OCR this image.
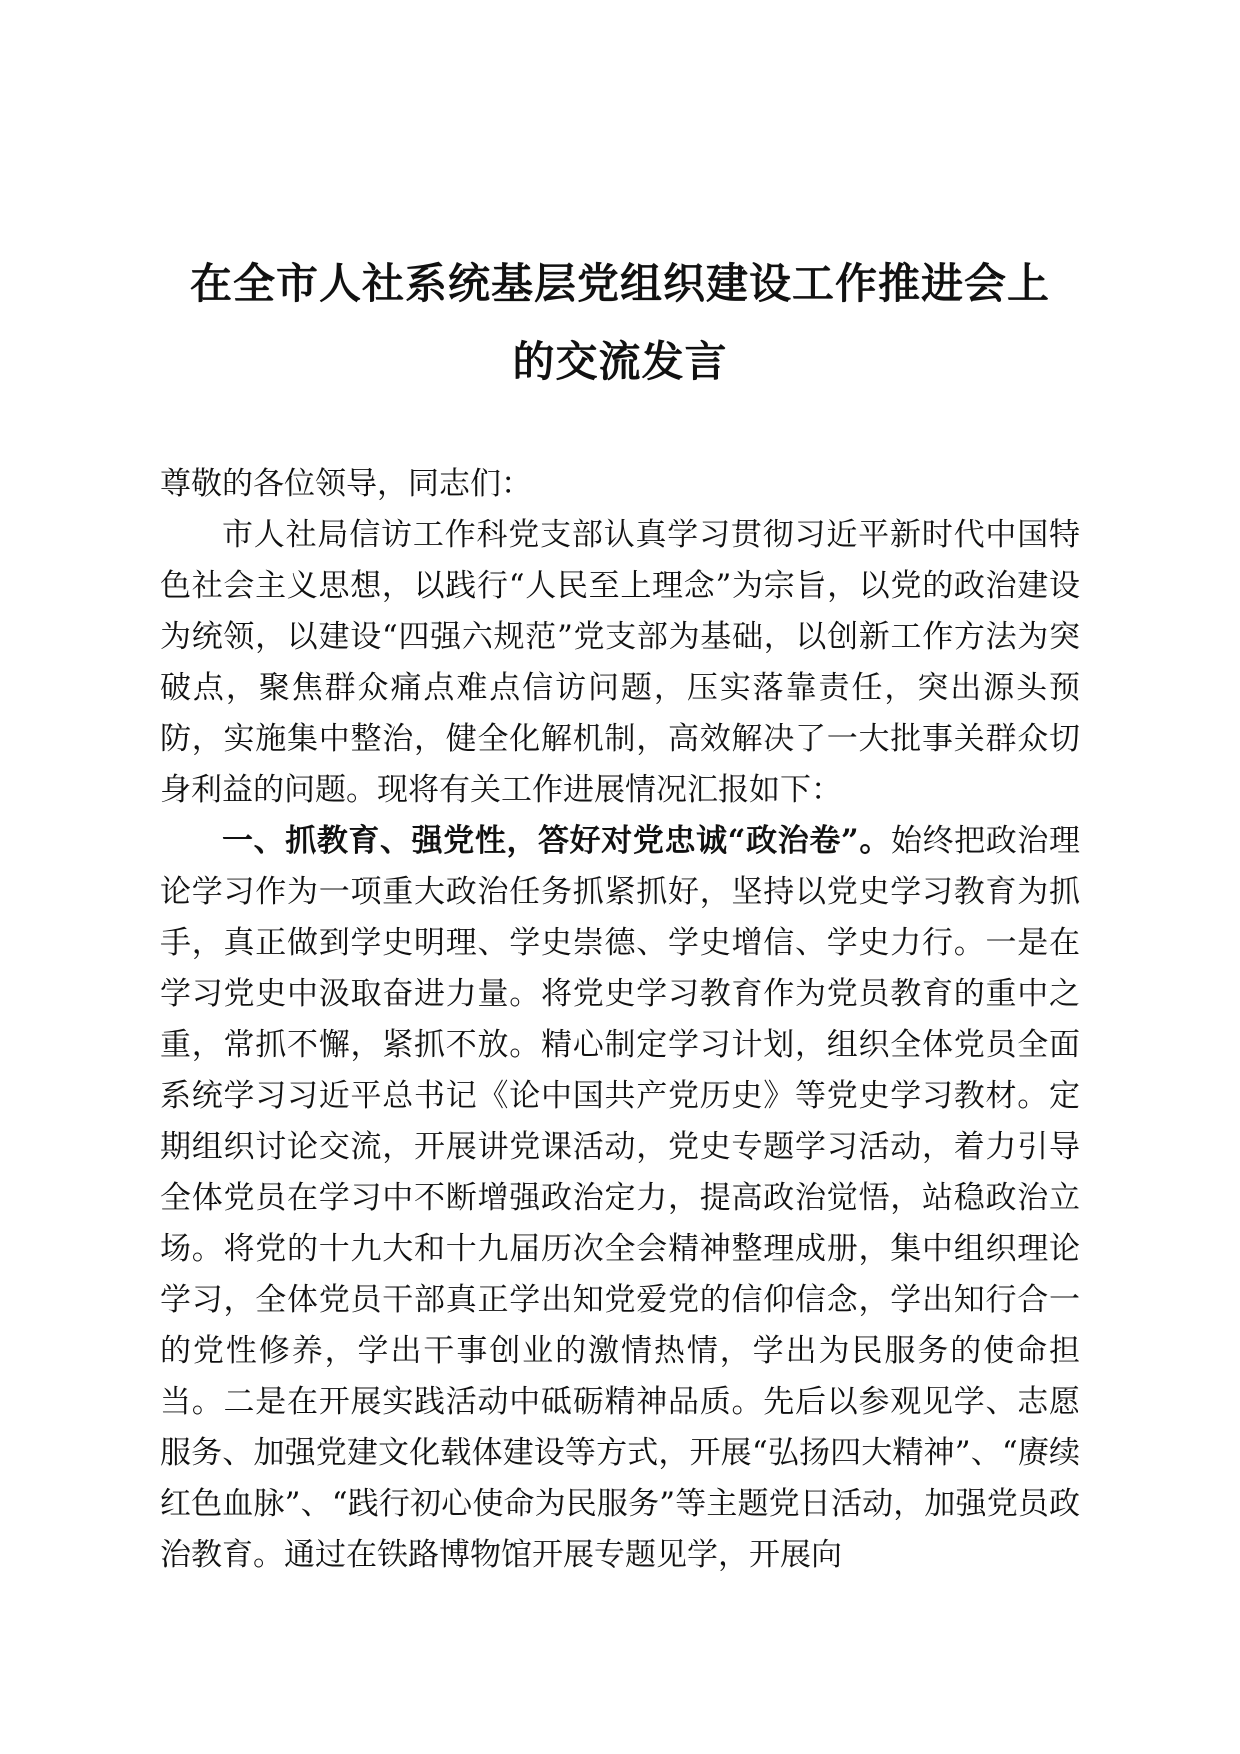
在全市人社系统基层党组织建设工作推进会上
的交流发言

尊敬的各位领导，同志们：

市人社局信访工作科党支部认真学习贯彻习近平新时代中国特色社会主义思想，以践行“人民至上理念”为宗旨，以党的政治建设为统领，以建设“四强六规范”党支部为基础，以创新工作方法为突破点，聚焦群众痛点难点信访问题，压实落靠责任，突出源头预防，实施集中整治，健全化解机制，高效解决了一大批事关群众切身利益的问题。现将有关工作进展情况汇报如下：

一、抓教育、强党性，答好对党忠诚“政治卷”。始终把政治理论学习作为一项重大政治任务抓紧抓好，坚持以党史学习教育为抓手，真正做到学史明理、学史崇德、学史增信、学史力行。一是在学习党史中汲取奋进力量。将党史学习教育作为党员教育的重中之重，常抓不懈，紧抓不放。精心制定学习计划，组织全体党员全面系统学习习近平总书记《论中国共产党历史》等党史学习教材。定期组织讨论交流，开展讲党课活动，党史专题学习活动，着力引导全体党员在学习中不断增强政治定力，提高政治觉悟，站稳政治立场。将党的十九大和十九届历次全会精神整理成册，集中组织理论学习，全体党员干部真正学出知党爱党的信仰信念，学出知行合一的党性修养，学出干事创业的激情热情，学出为民服务的使命担当。二是在开展实践活动中砥砺精神品质。先后以参观见学、志愿服务、加强党建文化载体建设等方式，开展“弘扬四大精神”、“赓续红色血脉”、“践行初心使命为民服务”等主题党日活动，加强党员政治教育。通过在铁路博物馆开展专题见学，开展向
